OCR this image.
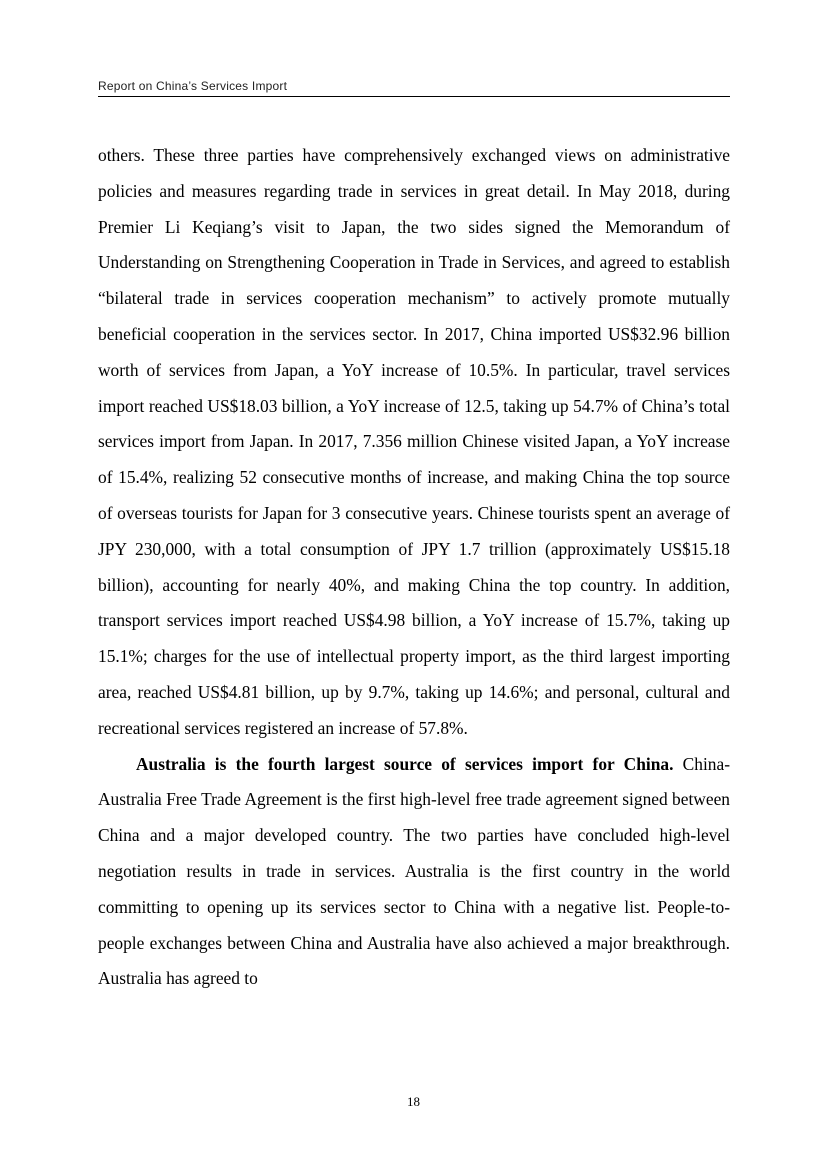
Report on China’s Services Import

others. These three parties have comprehensively exchanged views on administrative policies and measures regarding trade in services in great detail. In May 2018, during Premier Li Keqiang’s visit to Japan, the two sides signed the Memorandum of Understanding on Strengthening Cooperation in Trade in Services, and agreed to establish “bilateral trade in services cooperation mechanism” to actively promote mutually beneficial cooperation in the services sector. In 2017, China imported US$32.96 billion worth of services from Japan, a YoY increase of 10.5%. In particular, travel services import reached US$18.03 billion, a YoY increase of 12.5, taking up 54.7% of China’s total services import from Japan. In 2017, 7.356 million Chinese visited Japan, a YoY increase of 15.4%, realizing 52 consecutive months of increase, and making China the top source of overseas tourists for Japan for 3 consecutive years. Chinese tourists spent an average of JPY 230,000, with a total consumption of JPY 1.7 trillion (approximately US$15.18 billion), accounting for nearly 40%, and making China the top country. In addition, transport services import reached US$4.98 billion, a YoY increase of 15.7%, taking up 15.1%; charges for the use of intellectual property import, as the third largest importing area, reached US$4.81 billion, up by 9.7%, taking up 14.6%; and personal, cultural and recreational services registered an increase of 57.8%.

Australia is the fourth largest source of services import for China. China-Australia Free Trade Agreement is the first high-level free trade agreement signed between China and a major developed country. The two parties have concluded high-level negotiation results in trade in services. Australia is the first country in the world committing to opening up its services sector to China with a negative list. People-to-people exchanges between China and Australia have also achieved a major breakthrough. Australia has agreed to

18
